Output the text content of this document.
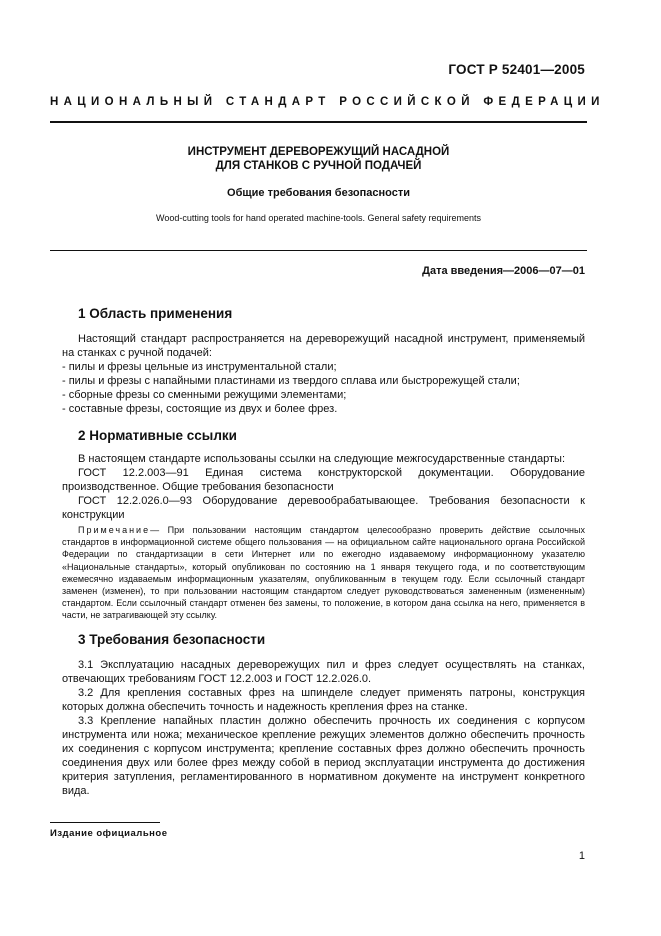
ГОСТ Р 52401—2005
НАЦИОНАЛЬНЫЙ СТАНДАРТ РОССИЙСКОЙ ФЕДЕРАЦИИ
ИНСТРУМЕНТ ДЕРЕВОРЕЖУЩИЙ НАСАДНОЙ
ДЛЯ СТАНКОВ С РУЧНОЙ ПОДАЧЕЙ
Общие требования безопасности
Wood-cutting tools for hand operated machine-tools. General safety requirements
Дата введения—2006—07—01
1 Область применения
Настоящий стандарт распространяется на дереворежущий насадной инструмент, применяемый на станках с ручной подачей:
- пилы и фрезы цельные из инструментальной стали;
- пилы и фрезы с напайными пластинами из твердого сплава или быстрорежущей стали;
- сборные фрезы со сменными режущими элементами;
- составные фрезы, состоящие из двух и более фрез.
2 Нормативные ссылки
В настоящем стандарте использованы ссылки на следующие межгосударственные стандарты:
ГОСТ 12.2.003—91 Единая система конструкторской документации. Оборудование производственное. Общие требования безопасности
ГОСТ 12.2.026.0—93 Оборудование деревообрабатывающее. Требования безопасности к конструкции
Примечание— При пользовании настоящим стандартом целесообразно проверить действие ссылочных стандартов в информационной системе общего пользования — на официальном сайте национального органа Российской Федерации по стандартизации в сети Интернет или по ежегодно издаваемому информационному указателю «Национальные стандарты», который опубликован по состоянию на 1 января текущего года, и по соответствующим ежемесячно издаваемым информационным указателям, опубликованным в текущем году. Если ссылочный стандарт заменен (изменен), то при пользовании настоящим стандартом следует руководствоваться замененным (измененным) стандартом. Если ссылочный стандарт отменен без замены, то положение, в котором дана ссылка на него, применяется в части, не затрагивающей эту ссылку.
3 Требования безопасности
3.1 Эксплуатацию насадных дереворежущих пил и фрез следует осуществлять на станках, отвечающих требованиям ГОСТ 12.2.003 и ГОСТ 12.2.026.0.
3.2 Для крепления составных фрез на шпинделе следует применять патроны, конструкция которых должна обеспечить точность и надежность крепления фрез на станке.
3.3 Крепление напайных пластин должно обеспечить прочность их соединения с корпусом инструмента или ножа; механическое крепление режущих элементов должно обеспечить прочность их соединения с корпусом инструмента; крепление составных фрез должно обеспечить прочность соединения двух или более фрез между собой в период эксплуатации инструмента до достижения критерия затупления, регламентированного в нормативном документе на инструмент конкретного вида.
Издание официальное
1
